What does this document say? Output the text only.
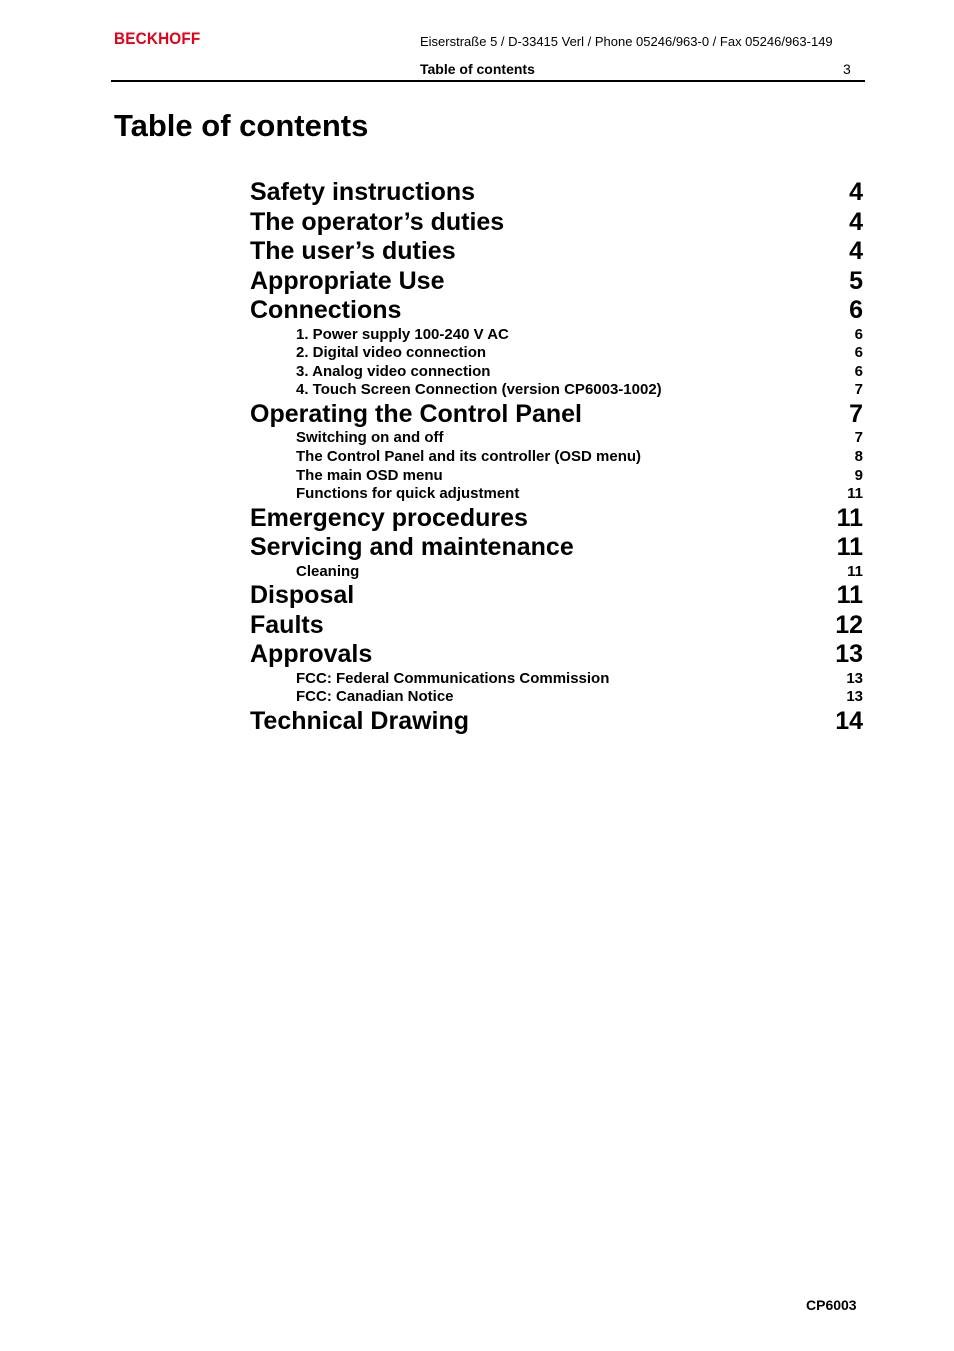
BECKHOFF	Eiserstraße 5 / D-33415 Verl / Phone 05246/963-0 / Fax 05246/963-149
Table of contents	3
Table of contents
Safety instructions	4
The operator’s duties	4
The user’s duties	4
Appropriate Use	5
Connections	6
1. Power supply 100-240 V AC	6
2. Digital video connection	6
3. Analog video connection	6
4. Touch Screen Connection (version CP6003-1002)	7
Operating the Control Panel	7
Switching on and off	7
The Control Panel and its controller (OSD menu)	8
The main OSD menu	9
Functions for quick adjustment	11
Emergency procedures	11
Servicing and maintenance	11
Cleaning	11
Disposal	11
Faults	12
Approvals	13
FCC: Federal Communications Commission	13
FCC: Canadian Notice	13
Technical Drawing	14
CP6003
